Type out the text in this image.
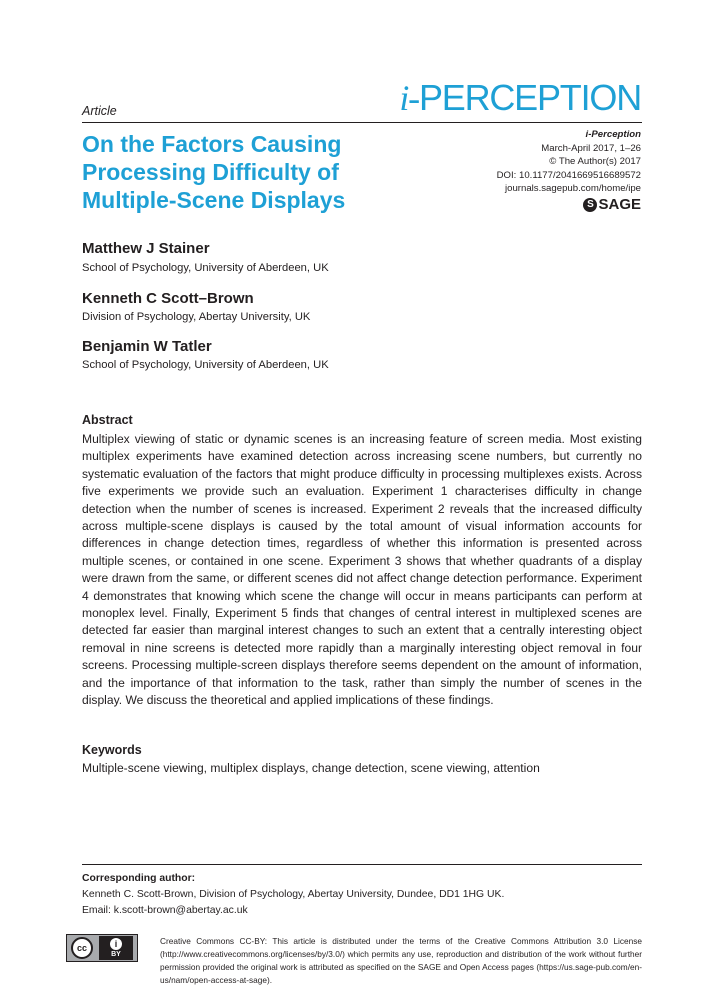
Article	i-PERCEPTION
On the Factors Causing Processing Difficulty of Multiple-Scene Displays
i-Perception
March-April 2017, 1–26
© The Author(s) 2017
DOI: 10.1177/2041669516689572
journals.sagepub.com/home/ipe
S SAGE
Matthew J Stainer
School of Psychology, University of Aberdeen, UK
Kenneth C Scott–Brown
Division of Psychology, Abertay University, UK
Benjamin W Tatler
School of Psychology, University of Aberdeen, UK
Abstract
Multiplex viewing of static or dynamic scenes is an increasing feature of screen media. Most existing multiplex experiments have examined detection across increasing scene numbers, but currently no systematic evaluation of the factors that might produce difficulty in processing multiplexes exists. Across five experiments we provide such an evaluation. Experiment 1 characterises difficulty in change detection when the number of scenes is increased. Experiment 2 reveals that the increased difficulty across multiple-scene displays is caused by the total amount of visual information accounts for differences in change detection times, regardless of whether this information is presented across multiple scenes, or contained in one scene. Experiment 3 shows that whether quadrants of a display were drawn from the same, or different scenes did not affect change detection performance. Experiment 4 demonstrates that knowing which scene the change will occur in means participants can perform at monoplex level. Finally, Experiment 5 finds that changes of central interest in multiplexed scenes are detected far easier than marginal interest changes to such an extent that a centrally interesting object removal in nine screens is detected more rapidly than a marginally interesting object removal in four screens. Processing multiple-screen displays therefore seems dependent on the amount of information, and the importance of that information to the task, rather than simply the number of scenes in the display. We discuss the theoretical and applied implications of these findings.
Keywords
Multiple-scene viewing, multiplex displays, change detection, scene viewing, attention
Corresponding author:
Kenneth C. Scott-Brown, Division of Psychology, Abertay University, Dundee, DD1 1HG UK.
Email: k.scott-brown@abertay.ac.uk
cc	i
BY
Creative Commons CC-BY: This article is distributed under the terms of the Creative Commons Attribution 3.0 License (http://www.creativecommons.org/licenses/by/3.0/) which permits any use, reproduction and distribution of the work without further permission provided the original work is attributed as specified on the SAGE and Open Access pages (https://us.sage-pub.com/en-us/nam/open-access-at-sage).
